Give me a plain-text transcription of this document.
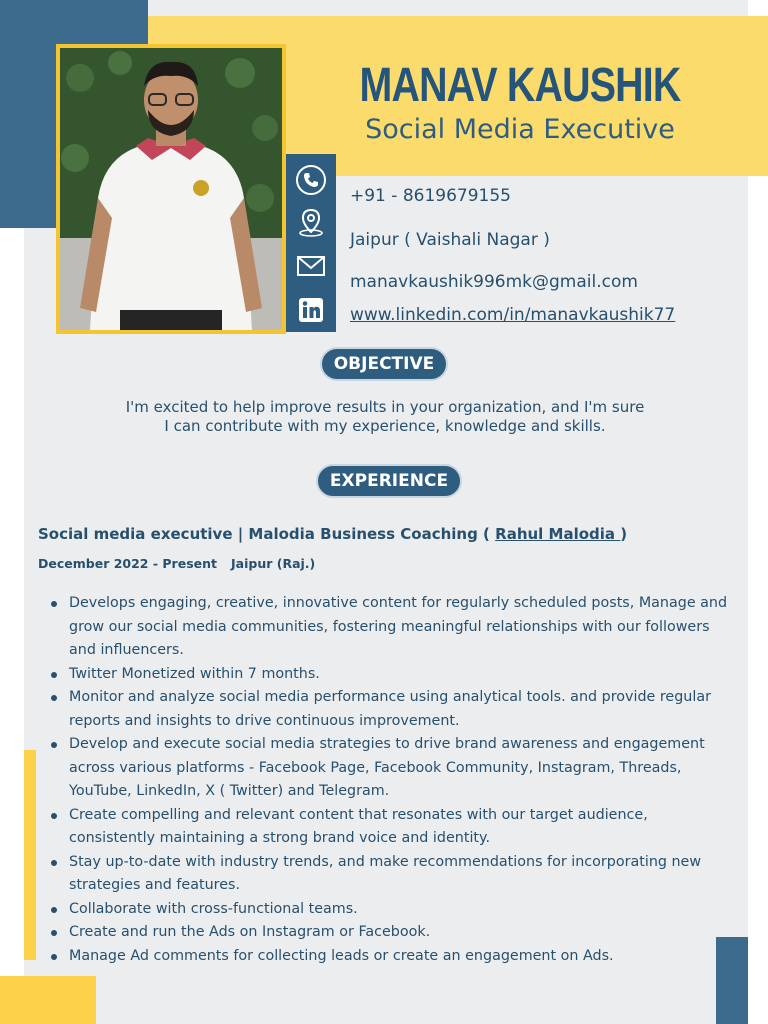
MANAV KAUSHIK
Social Media Executive
+91 - 8619679155
Jaipur ( Vaishali Nagar )
manavkaushik996mk@gmail.com
www.linkedin.com/in/manavkaushik77
OBJECTIVE
I'm excited to help improve results in your organization, and I'm sure
I can contribute with my experience, knowledge and skills.
EXPERIENCE
Social media executive | Malodia Business Coaching ( Rahul Malodia )
December 2022 - Present Jaipur (Raj.)
Develops engaging, creative, innovative content for regularly scheduled posts, Manage and grow our social media communities, fostering meaningful relationships with our followers and influencers.
Twitter Monetized within 7 months.
Monitor and analyze social media performance using analytical tools. and provide regular reports and insights to drive continuous improvement.
Develop and execute social media strategies to drive brand awareness and engagement across various platforms - Facebook Page, Facebook Community, Instagram, Threads, YouTube, LinkedIn, X ( Twitter) and Telegram.
Create compelling and relevant content that resonates with our target audience, consistently maintaining a strong brand voice and identity.
Stay up-to-date with industry trends, and make recommendations for incorporating new strategies and features.
Collaborate with cross-functional teams.
Create and run the Ads on Instagram or Facebook.
Manage Ad comments for collecting leads or create an engagement on Ads.
